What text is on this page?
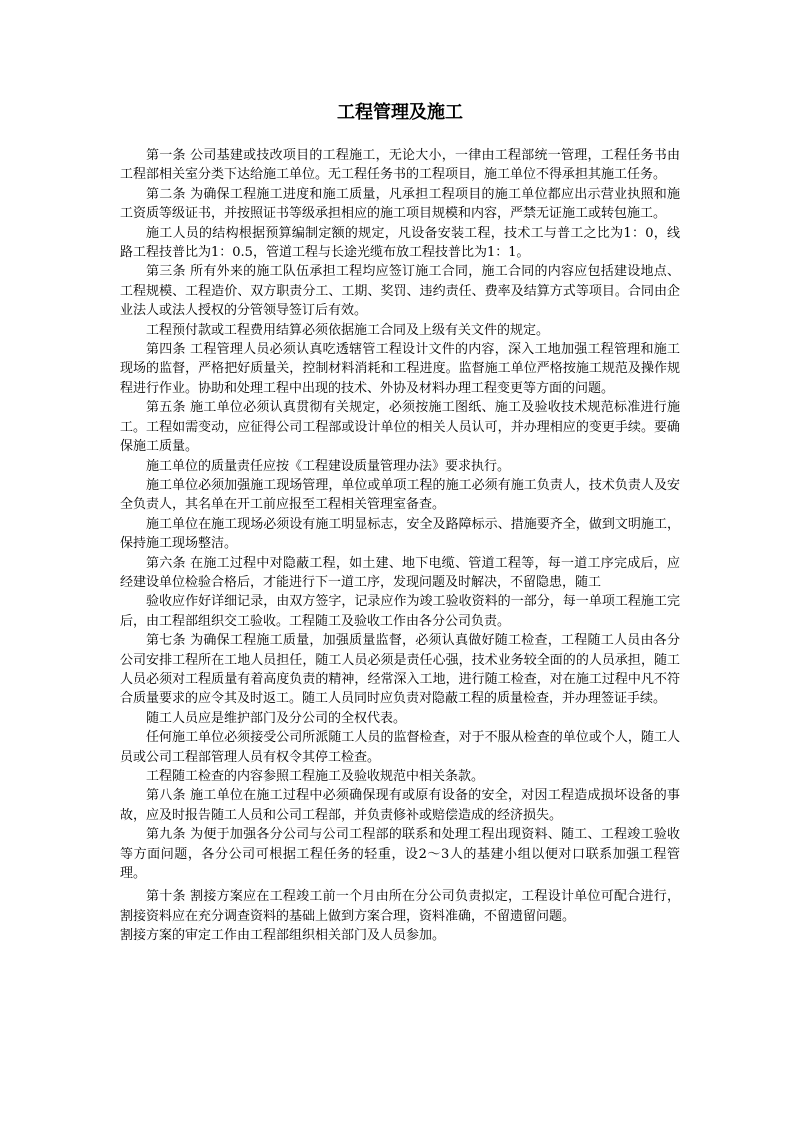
工程管理及施工

第一条 公司基建或技改项目的工程施工，无论大小，一律由工程部统一管理，工程任务书由工程部相关室分类下达给施工单位。无工程任务书的工程项目，施工单位不得承担其施工任务。

第二条 为确保工程施工进度和施工质量，凡承担工程项目的施工单位都应出示营业执照和施工资质等级证书，并按照证书等级承担相应的施工项目规模和内容，严禁无证施工或转包施工。

施工人员的结构根据预算编制定额的规定，凡设备安装工程，技术工与普工之比为1：0，线路工程技普比为1：0.5，管道工程与长途光缆布放工程技普比为1：1。

第三条 所有外来的施工队伍承担工程均应签订施工合同，施工合同的内容应包括建设地点、工程规模、工程造价、双方职责分工、工期、奖罚、违约责任、费率及结算方式等项目。合同由企业法人或法人授权的分管领导签订后有效。

工程预付款或工程费用结算必须依据施工合同及上级有关文件的规定。

第四条 工程管理人员必须认真吃透辖管工程设计文件的内容，深入工地加强工程管理和施工现场的监督，严格把好质量关，控制材料消耗和工程进度。监督施工单位严格按施工规范及操作规程进行作业。协助和处理工程中出现的技术、外协及材料办理工程变更等方面的问题。

第五条 施工单位必须认真贯彻有关规定，必须按施工图纸、施工及验收技术规范标准进行施工。工程如需变动，应征得公司工程部或设计单位的相关人员认可，并办理相应的变更手续。要确保施工质量。

施工单位的质量责任应按《工程建设质量管理办法》要求执行。

施工单位必须加强施工现场管理，单位或单项工程的施工必须有施工负责人，技术负责人及安全负责人，其名单在开工前应报至工程相关管理室备查。

施工单位在施工现场必须设有施工明显标志，安全及路障标示、措施要齐全，做到文明施工，保持施工现场整洁。

第六条 在施工过程中对隐蔽工程，如土建、地下电缆、管道工程等，每一道工序完成后，应经建设单位检验合格后，才能进行下一道工序，发现问题及时解决，不留隐患，随工

验收应作好详细记录，由双方签字，记录应作为竣工验收资料的一部分，每一单项工程施工完后，由工程部组织交工验收。工程随工及验收工作由各分公司负责。

第七条 为确保工程施工质量，加强质量监督，必须认真做好随工检查，工程随工人员由各分公司安排工程所在工地人员担任，随工人员必须是责任心强，技术业务较全面的的人员承担，随工人员必须对工程质量有着高度负责的精神，经常深入工地，进行随工检查，对在施工过程中凡不符合质量要求的应令其及时返工。随工人员同时应负责对隐蔽工程的质量检查，并办理签证手续。

随工人员应是维护部门及分公司的全权代表。

任何施工单位必须接受公司所派随工人员的监督检查，对于不服从检查的单位或个人，随工人员或公司工程部管理人员有权令其停工检查。

工程随工检查的内容参照工程施工及验收规范中相关条款。

第八条 施工单位在施工过程中必须确保现有或原有设备的安全，对因工程造成损坏设备的事故，应及时报告随工人员和公司工程部，并负责修补或赔偿造成的经济损失。

第九条 为便于加强各分公司与公司工程部的联系和处理工程出现资料、随工、工程竣工验收等方面问题，各分公司可根据工程任务的轻重，设2～3人的基建小组以便对口联系加强工程管理。

第十条 割接方案应在工程竣工前一个月由所在分公司负责拟定，工程设计单位可配合进行，割接资料应在充分调查资料的基础上做到方案合理，资料准确，不留遗留问题。

割接方案的审定工作由工程部组织相关部门及人员参加。
